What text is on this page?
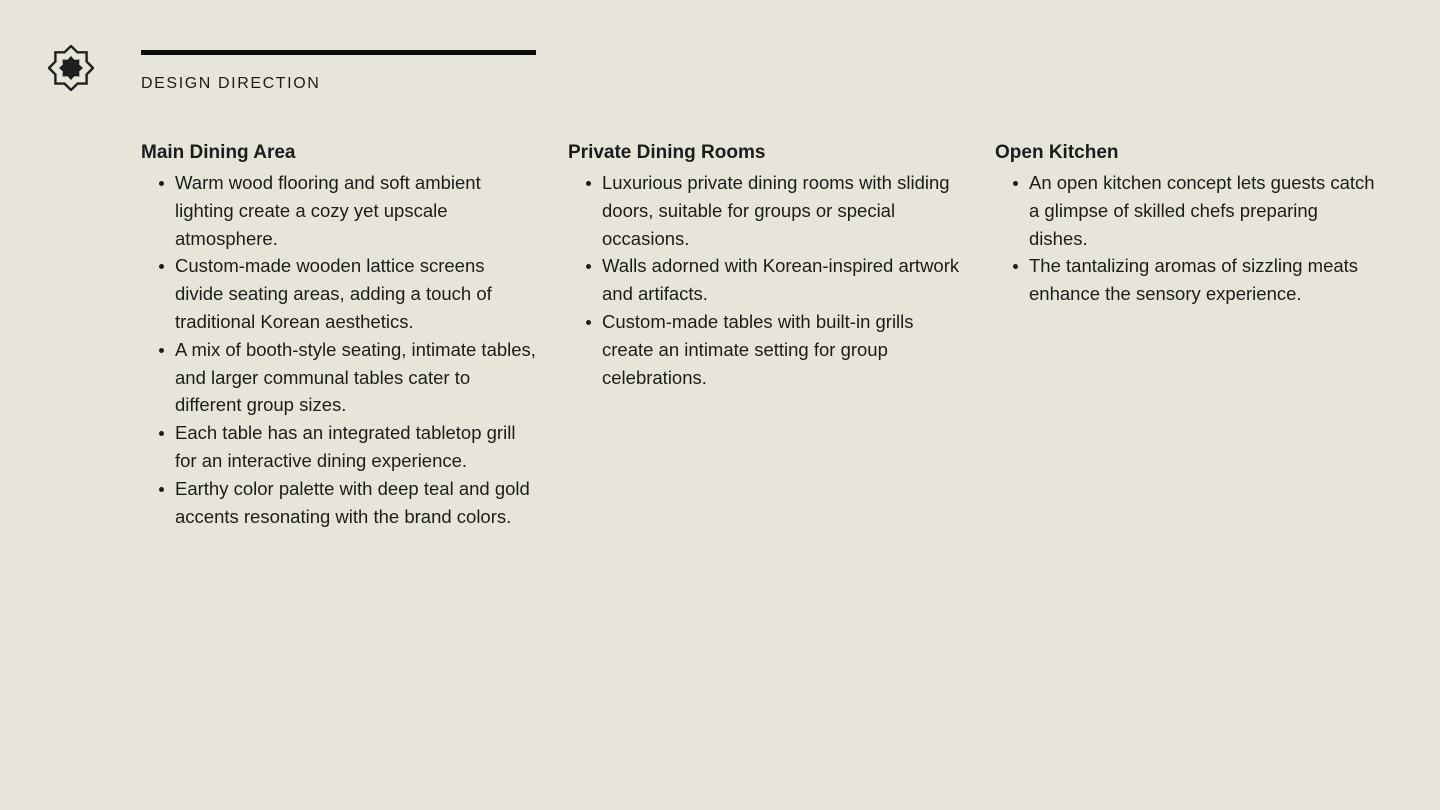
DESIGN DIRECTION
Main Dining Area
Warm wood flooring and soft ambient lighting create a cozy yet upscale atmosphere.
Custom-made wooden lattice screens divide seating areas, adding a touch of traditional Korean aesthetics.
A mix of booth-style seating, intimate tables, and larger communal tables cater to different group sizes.
Each table has an integrated tabletop grill for an interactive dining experience.
Earthy color palette with deep teal and gold accents resonating with the brand colors.
Private Dining Rooms
Luxurious private dining rooms with sliding doors, suitable for groups or special occasions.
Walls adorned with Korean-inspired artwork and artifacts.
Custom-made tables with built-in grills create an intimate setting for group celebrations.
Open Kitchen
An open kitchen concept lets guests catch a glimpse of skilled chefs preparing dishes.
The tantalizing aromas of sizzling meats enhance the sensory experience.
